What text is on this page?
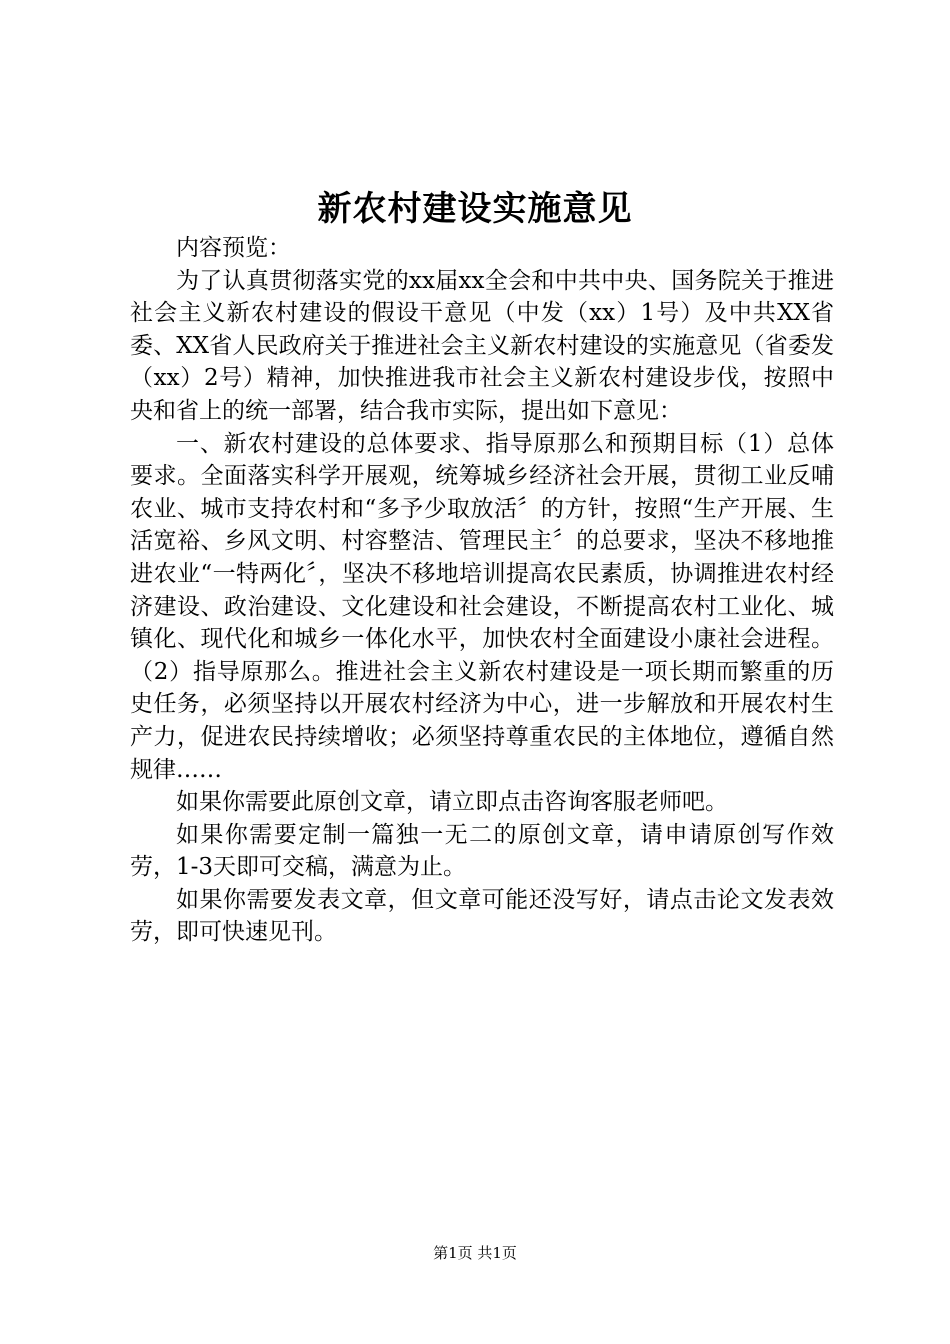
新农村建设实施意见

内容预览：

为了认真贯彻落实党的xx届xx全会和中共中央、国务院关于推进社会主义新农村建设的假设干意见（中发（xx）1号）及中共XX省委、XX省人民政府关于推进社会主义新农村建设的实施意见（省委发（xx）2号）精神，加快推进我市社会主义新农村建设步伐，按照中央和省上的统一部署，结合我市实际，提出如下意见：

一、新农村建设的总体要求、指导原那么和预期目标（1）总体要求。全面落实科学开展观，统筹城乡经济社会开展，贯彻工业反哺农业、城市支持农村和“多予少取放活〞的方针，按照“生产开展、生活宽裕、乡风文明、村容整洁、管理民主〞的总要求，坚决不移地推进农业“一特两化〞，坚决不移地培训提高农民素质，协调推进农村经济建设、政治建设、文化建设和社会建设，不断提高农村工业化、城镇化、现代化和城乡一体化水平，加快农村全面建设小康社会进程。（2）指导原那么。推进社会主义新农村建设是一项长期而繁重的历史任务，必须坚持以开展农村经济为中心，进一步解放和开展农村生产力，促进农民持续增收；必须坚持尊重农民的主体地位，遵循自然规律……

如果你需要此原创文章，请立即点击咨询客服老师吧。

如果你需要定制一篇独一无二的原创文章，请申请原创写作效劳，1-3天即可交稿，满意为止。

如果你需要发表文章，但文章可能还没写好，请点击论文发表效劳，即可快速见刊。

第1页 共1页
